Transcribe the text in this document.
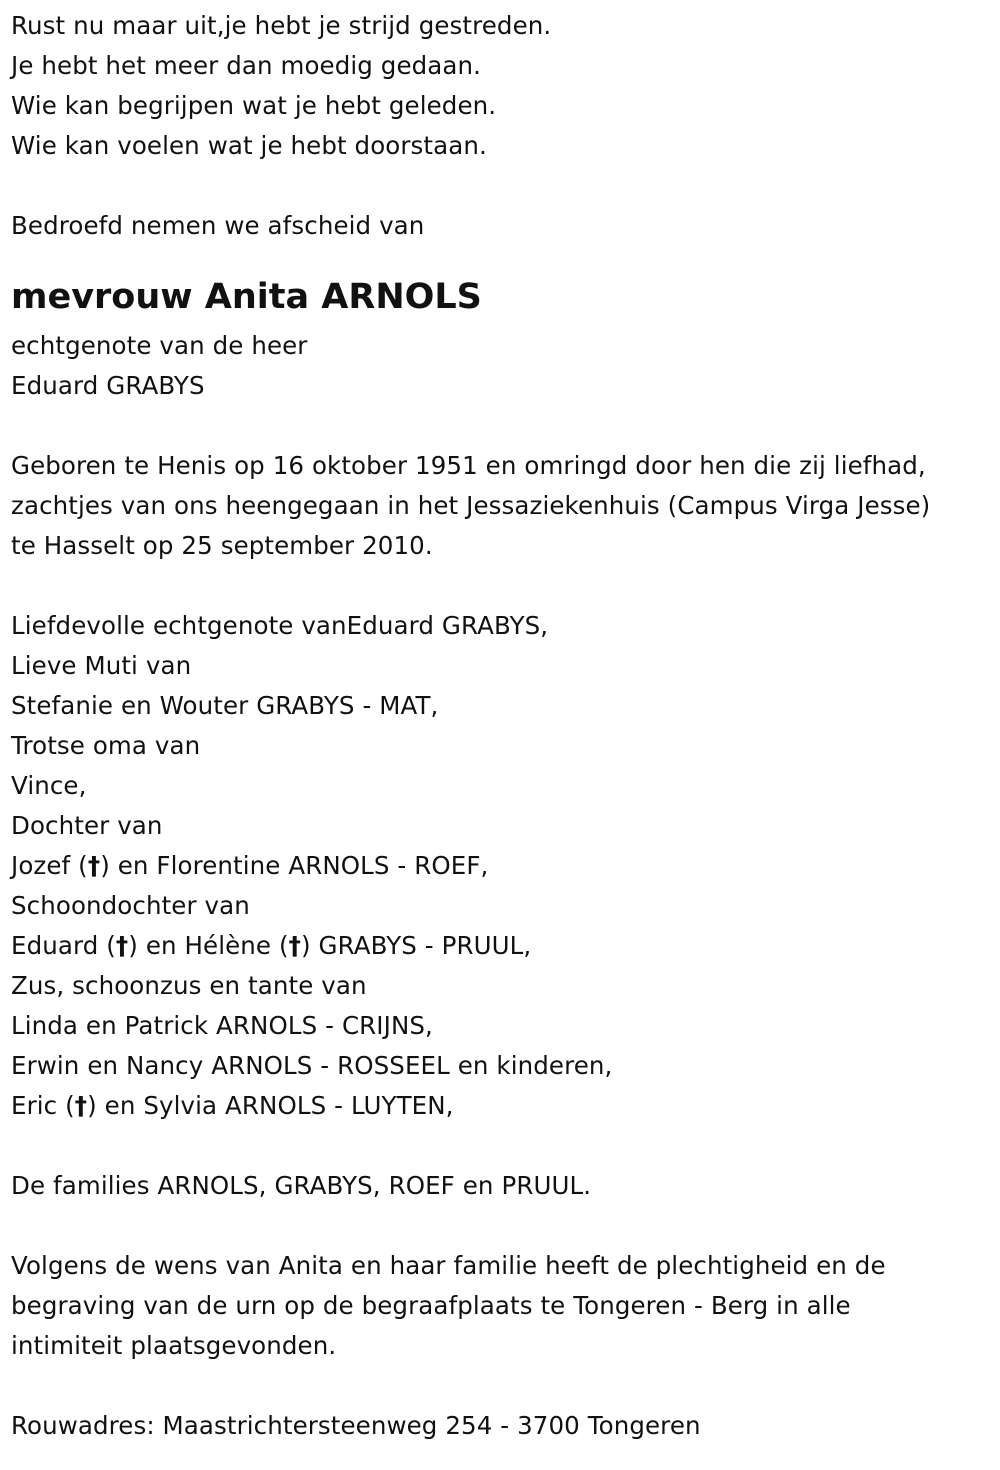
Rust nu maar uit,je hebt je strijd gestreden.
Je hebt het meer dan moedig gedaan.
Wie kan begrijpen wat je hebt geleden.
Wie kan voelen wat je hebt doorstaan.
Bedroefd nemen we afscheid van
mevrouw Anita ARNOLS
echtgenote van de heer
Eduard GRABYS
Geboren te Henis op 16 oktober 1951 en omringd door hen die zij liefhad,
zachtjes van ons heengegaan in het Jessaziekenhuis (Campus Virga Jesse)
te Hasselt op 25 september 2010.
Liefdevolle echtgenote vanEduard GRABYS,
Lieve Muti van
Stefanie en Wouter GRABYS - MAT,
Trotse oma van
Vince,
Dochter van
Jozef (†) en Florentine ARNOLS - ROEF,
Schoondochter van
Eduard (†) en Hélène (†) GRABYS - PRUUL,
Zus, schoonzus en tante van
Linda en Patrick ARNOLS - CRIJNS,
Erwin en Nancy ARNOLS - ROSSEEL en kinderen,
Eric (†) en Sylvia ARNOLS - LUYTEN,
De families ARNOLS, GRABYS, ROEF en PRUUL.
Volgens de wens van Anita en haar familie heeft de plechtigheid en de
begraving van de urn op de begraafplaats te Tongeren - Berg in alle
intimiteit plaatsgevonden.
Rouwadres: Maastrichtersteenweg 254 - 3700 Tongeren
